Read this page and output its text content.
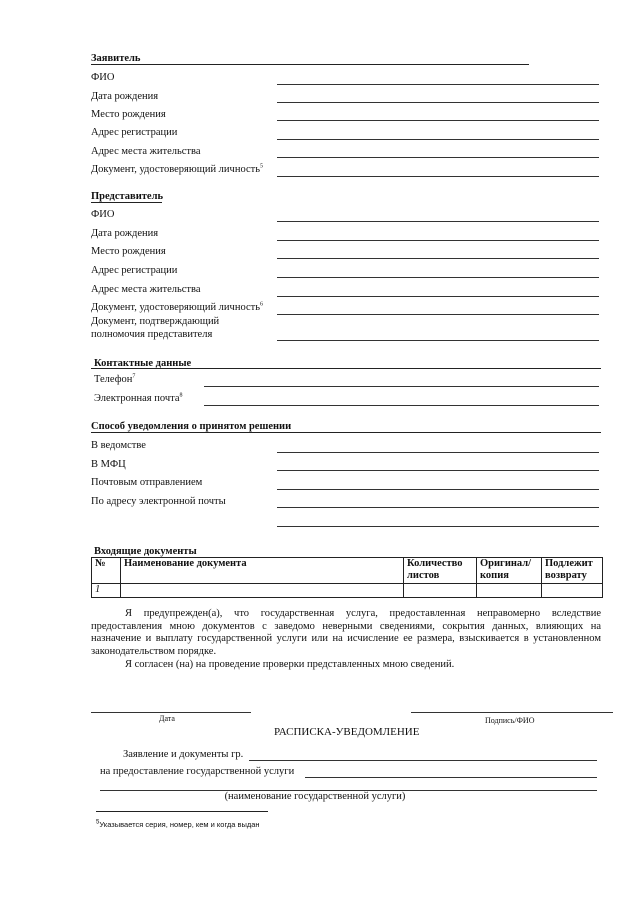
Заявитель
ФИО
Дата рождения
Место рождения
Адрес регистрации
Адрес места жительства
Документ, удостоверяющий личность$^5$
Представитель
ФИО
Дата рождения
Место рождения
Адрес регистрации
Адрес места жительства
Документ, удостоверяющий личность$^6$
Документ, подтверждающий
полномочия представителя
Контактные данные
Телефон$^7$
Электронная почта$^8$
Способ уведомления о принятом решении
В ведомстве
В МФЦ
Почтовым отправлением
По адресу электронной почты
Входящие документы
№	Наименование документа	Количество листов	Оригинал/ копия	Подлежит возврату
1				
Я предупрежден(а), что государственная услуга, предоставленная неправомерно вследствие предоставления мною документов с заведомо неверными сведениями, сокрытия данных, влияющих на назначение и выплату государственной услуги или на исчисление ее размера, взыскивается в установленном законодательством порядке.
Я согласен (на) на проведение проверки представленных мною сведений.
Дата	Подпись/ФИО
РАСПИСКА-УВЕДОМЛЕНИЕ
Заявление и документы гр.
на предоставление государственной услуги
(наименование государственной услуги)
$^5$Указывается серия, номер, кем и когда выдан
